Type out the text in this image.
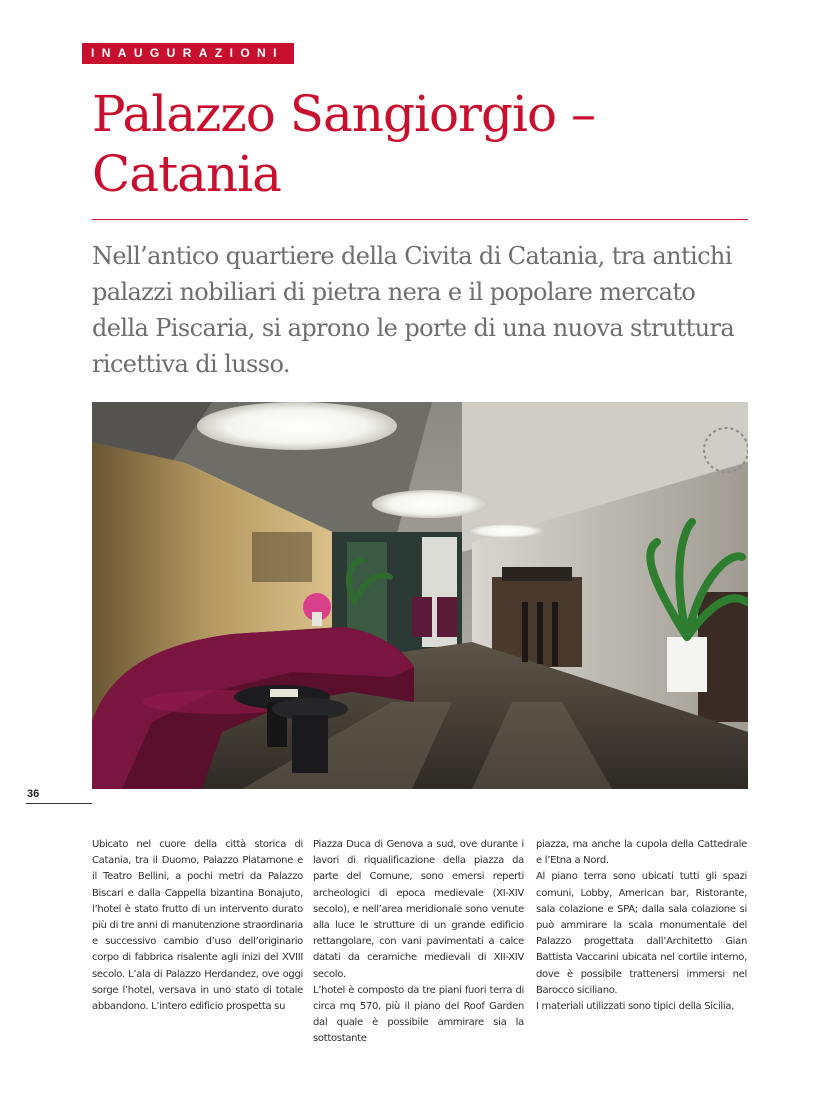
INAUGURAZIONI
Palazzo Sangiorgio –
Catania

Nell’antico quartiere della Civita di Catania, tra antichi
palazzi nobiliari di pietra nera e il popolare mercato
della Piscaria, si aprono le porte di una nuova struttura
ricettiva di lusso.

36

Ubicato nel cuore della città storica di Catania, tra il Duomo, Palazzo Platamone e il Teatro Bellini, a pochi metri da Palazzo Biscari e dalla Cappella bizantina Bonajuto, l’hotel è stato frutto di un intervento durato più di tre anni di manutenzione straordinaria e successivo cambio d’uso dell’originario corpo di fabbrica risalente agli inizi del XVIII secolo. L’ala di Palazzo Herdandez, ove oggi sorge l’hotel, versava in uno stato di totale abbandono. L’intero edificio prospetta su

Piazza Duca di Genova a sud, ove durante i lavori di riqualificazione della piazza da parte del Comune, sono emersi reperti archeologici di epoca medievale (XI-XIV secolo), e nell’area meridionale sono venute alla luce le strutture di un grande edificio rettangolare, con vani pavimentati a calce datati da ceramiche medievali di XII-XIV secolo.

L’hotel è composto da tre piani fuori terra di circa mq 570, più il piano del Roof Garden dal quale è possibile ammirare sia la sottostante

piazza, ma anche la cupola della Cattedrale e l’Etna a Nord.

Al piano terra sono ubicati tutti gli spazi comuni, Lobby, American bar, Ristorante, sala colazione e SPA; dalla sala colazione si può ammirare la scala monumentale del Palazzo progettata dall’Architetto Gian Battista Vaccarini ubicata nel cortile interno, dove è possibile trattenersi immersi nel Barocco siciliano.

I materiali utilizzati sono tipici della Sicilia,
